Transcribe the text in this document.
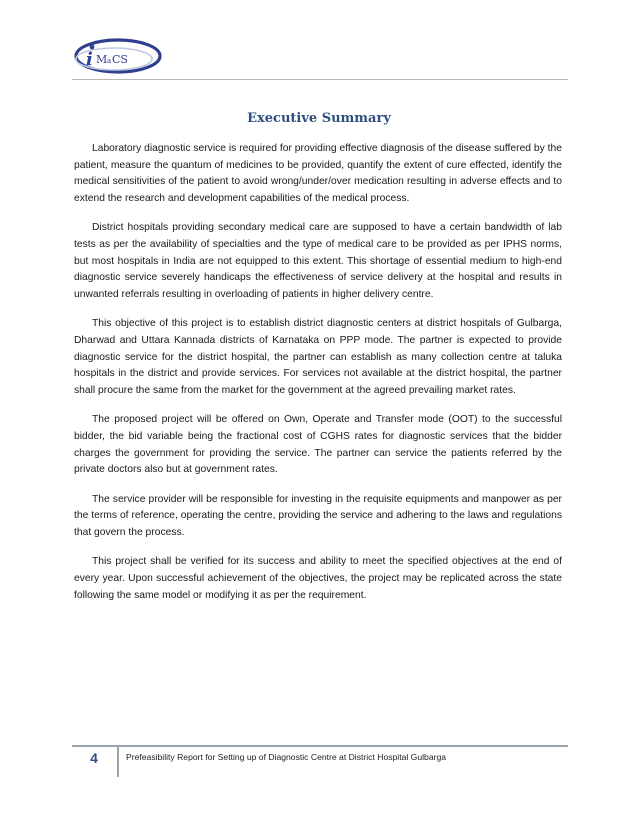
i M a CS
Executive Summary

Laboratory diagnostic service is required for providing effective diagnosis of the disease suffered by the patient, measure the quantum of medicines to be provided, quantify the extent of cure effected, identify the medical sensitivities of the patient to avoid wrong/under/over medication resulting in adverse effects and to extend the research and development capabilities of the medical process.

District hospitals providing secondary medical care are supposed to have a certain bandwidth of lab tests as per the availability of specialties and the type of medical care to be provided as per IPHS norms, but most hospitals in India are not equipped to this extent. This shortage of essential medium to high-end diagnostic service severely handicaps the effectiveness of service delivery at the hospital and results in unwanted referrals resulting in overloading of patients in higher delivery centre.

This objective of this project is to establish district diagnostic centers at district hospitals of Gulbarga, Dharwad and Uttara Kannada districts of Karnataka on PPP mode. The partner is expected to provide diagnostic service for the district hospital, the partner can establish as many collection centre at taluka hospitals in the district and provide services. For services not available at the district hospital, the partner shall procure the same from the market for the government at the agreed prevailing market rates.

The proposed project will be offered on Own, Operate and Transfer mode (OOT) to the successful bidder, the bid variable being the fractional cost of CGHS rates for diagnostic services that the bidder charges the government for providing the service. The partner can service the patients referred by the private doctors also but at government rates.

The service provider will be responsible for investing in the requisite equipments and manpower as per the terms of reference, operating the centre, providing the service and adhering to the laws and regulations that govern the process.

This project shall be verified for its success and ability to meet the specified objectives at the end of every year. Upon successful achievement of the objectives, the project may be replicated across the state following the same model or modifying it as per the requirement.

4	Prefeasibility Report for Setting up of Diagnostic Centre at District Hospital Gulbarga
